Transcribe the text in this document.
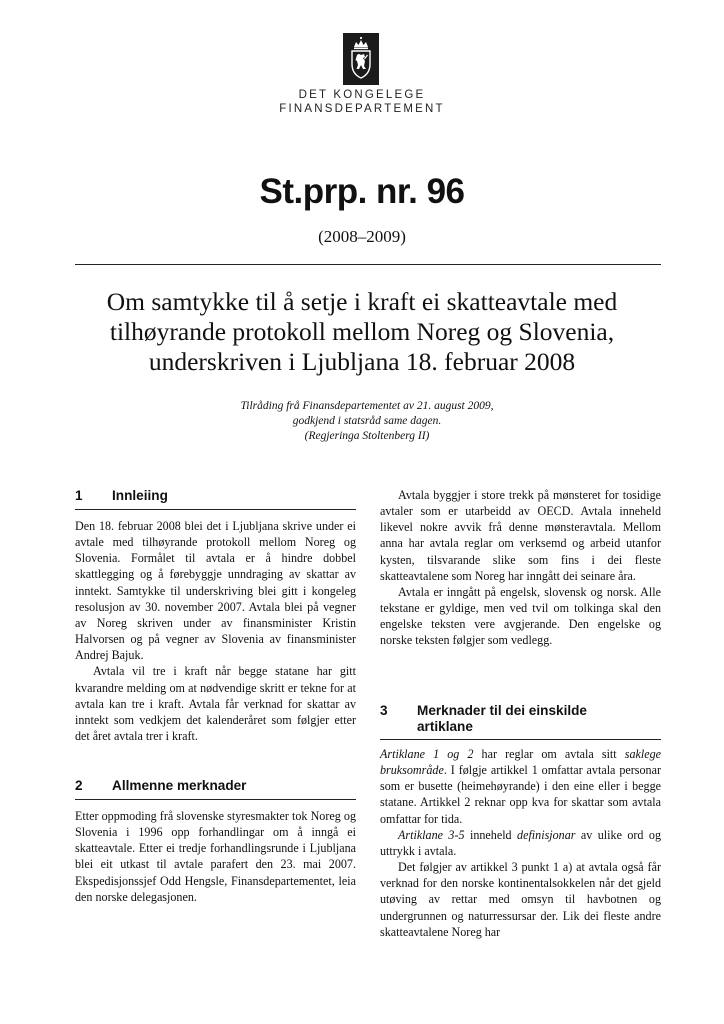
DET KONGELEGE
FINANSDEPARTEMENT
St.prp. nr. 96
(2008–2009)
Om samtykke til å setje i kraft ei skatteavtale med
tilhøyrande protokoll mellom Noreg og Slovenia,
underskriven i Ljubljana 18. februar 2008
Tilråding frå Finansdepartementet av 21. august 2009,
godkjend i statsråd same dagen.
(Regjeringa Stoltenberg II)
1 Innleiing

Den 18. februar 2008 blei det i Ljubljana skrive under ei avtale med tilhøyrande protokoll mellom Noreg og Slovenia. Formålet til avtala er å hindre dobbel skattlegging og å førebyggje unndraging av skattar av inntekt. Samtykke til underskriving blei gitt i kongeleg resolusjon av 30. november 2007. Avtala blei på vegner av Noreg skriven under av finansminister Kristin Halvorsen og på vegner av Slovenia av finansminister Andrej Bajuk.

Avtala vil tre i kraft når begge statane har gitt kvarandre melding om at nødvendige skritt er tekne for at avtala kan tre i kraft. Avtala får verknad for skattar av inntekt som vedkjem det kalenderåret som følgjer etter det året avtala trer i kraft.

2 Allmenne merknader

Etter oppmoding frå slovenske styresmakter tok Noreg og Slovenia i 1996 opp forhandlingar om å inngå ei skatteavtale. Etter ei tredje forhandlingsrunde i Ljubljana blei eit utkast til avtale parafert den 23. mai 2007. Ekspedisjonssjef Odd Hengsle, Finansdepartementet, leia den norske delegasjonen.

Avtala byggjer i store trekk på mønsteret for tosidige avtaler som er utarbeidd av OECD. Avtala inneheld likevel nokre avvik frå denne mønsteravtala. Mellom anna har avtala reglar om verksemd og arbeid utanfor kysten, tilsvarande slike som fins i dei fleste skatteavtalene som Noreg har inngått dei seinare åra.

Avtala er inngått på engelsk, slovensk og norsk. Alle tekstane er gyldige, men ved tvil om tolkinga skal den engelske teksten vere avgjerande. Den engelske og norske teksten følgjer som vedlegg.

3 Merknader til dei einskilde
artiklane

Artiklane 1 og 2 har reglar om avtala sitt saklege bruksområde. I følgje artikkel 1 omfattar avtala personar som er busette (heimehøyrande) i den eine eller i begge statane. Artikkel 2 reknar opp kva for skattar som avtala omfattar for tida.

Artiklane 3-5 inneheld definisjonar av ulike ord og uttrykk i avtala.

Det følgjer av artikkel 3 punkt 1 a) at avtala også får verknad for den norske kontinentalsokkelen når det gjeld utøving av rettar med omsyn til havbotnen og undergrunnen og naturressursar der. Lik dei fleste andre skatteavtalene Noreg har
